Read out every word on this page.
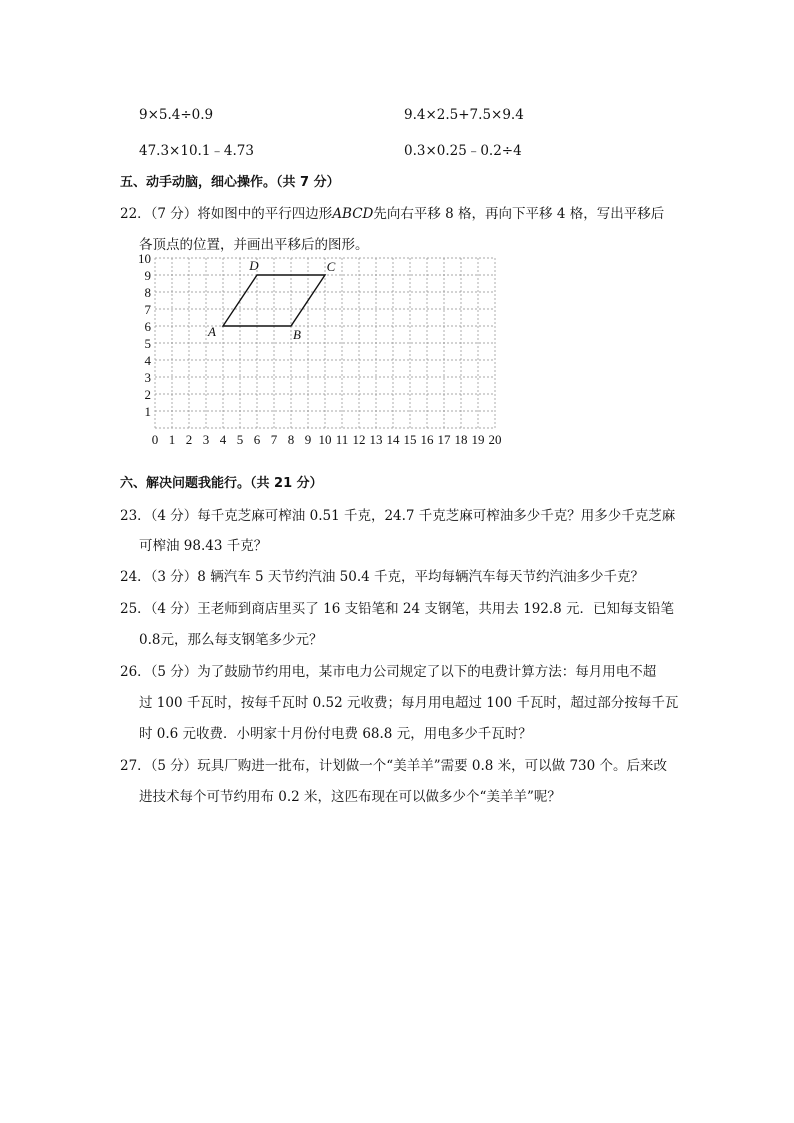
9×5.4÷0.9	9.4×2.5+7.5×9.4
47.3×10.1﹣4.73	0.3×0.25﹣0.2÷4
五、动手动脑，细心操作。（共 7 分）
22．（7 分）将如图中的平行四边形ABCD先向右平移 8 格，再向下平移 4 格，写出平移后
各顶点的位置，并画出平移后的图形。
0 1 2 3 4 5 6 7 8 9 10 11 12 13 14 15 16 17 18 19 20
1
2
3
4
5
6
7
8
9
10
A	B
C
D
六、解决问题我能行。（共 21 分）
23．（4 分）每千克芝麻可榨油 0.51 千克，24.7 千克芝麻可榨油多少千克？用多少千克芝麻
可榨油 98.43 千克？
24．（3 分）8 辆汽车 5 天节约汽油 50.4 千克，平均每辆汽车每天节约汽油多少千克？
25．（4 分）王老师到商店里买了 16 支铅笔和 24 支钢笔，共用去 192.8 元．已知每支铅笔
0.8元，那么每支钢笔多少元？
26．（5 分）为了鼓励节约用电，某市电力公司规定了以下的电费计算方法：每月用电不超
过 100 千瓦时，按每千瓦时 0.52 元收费；每月用电超过 100 千瓦时，超过部分按每千瓦
时 0.6 元收费．小明家十月份付电费 68.8 元，用电多少千瓦时？
27．（5 分）玩具厂购进一批布，计划做一个“美羊羊”需要 0.8 米，可以做 730 个。后来改
进技术每个可节约用布 0.2 米，这匹布现在可以做多少个“美羊羊”呢？
